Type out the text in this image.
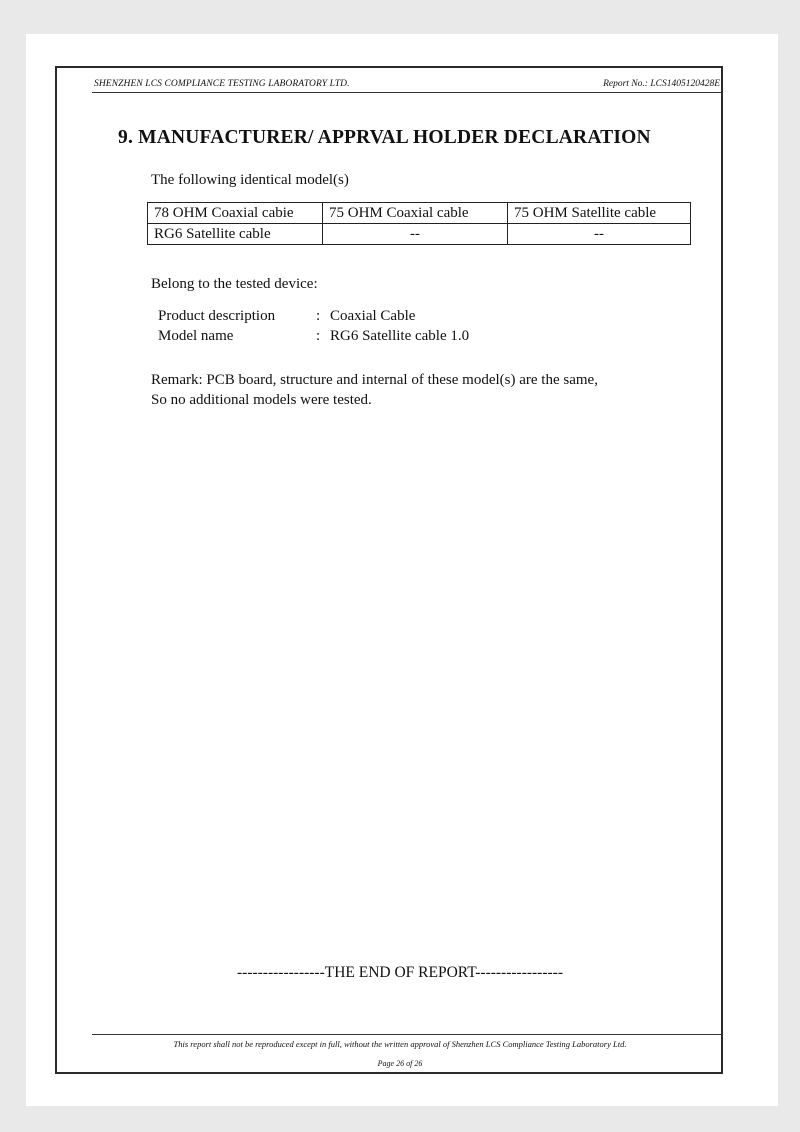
SHENZHEN LCS COMPLIANCE TESTING LABORATORY LTD.	Report No.: LCS1405120428E
9. MANUFACTURER/ APPRVAL HOLDER DECLARATION
The following identical model(s)
78 OHM Coaxial cabie	75 OHM Coaxial cable	75 OHM Satellite cable
RG6 Satellite cable	--	--
Belong to the tested device:
Product description	: Coaxial Cable
Model name	: RG6 Satellite cable 1.0
Remark: PCB board, structure and internal of these model(s) are the same,
So no additional models were tested.
-----------------THE END OF REPORT-----------------
This report shall not be reproduced except in full, without the written approval of Shenzhen LCS Compliance Testing Laboratory Ltd.
Page 26 of 26
